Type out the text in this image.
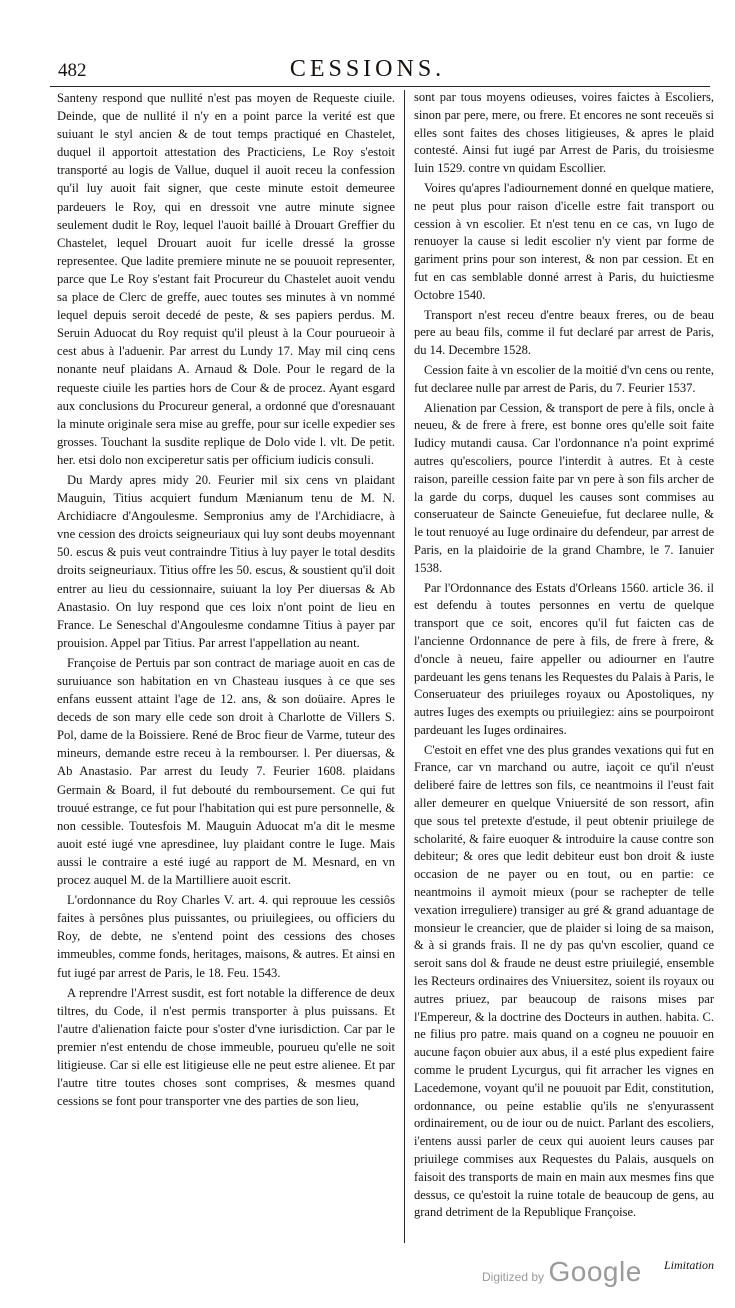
482	CESSIONS.

Santeny respond que nullité n'est pas moyen de Requeste ciuile. Deinde, que de nullité il n'y en a point parce la verité est que suiuant le styl ancien & de tout temps practiqué en Chastelet, duquel il apportoit attestation des Practiciens, Le Roy s'estoit transporté au logis de Vallue, duquel il auoit receu la confession qu'il luy auoit fait signer, que ceste minute estoit demeuree pardeuers le Roy, qui en dressoit vne autre minute signee seulement dudit le Roy, lequel l'auoit baillé à Drouart Greffier du Chastelet, lequel Drouart auoit fur icelle dressé la grosse representee. Que ladite premiere minute ne se pouuoit representer, parce que Le Roy s'estant fait Procureur du Chastelet auoit vendu sa place de Clerc de greffe, auec toutes ses minutes à vn nommé lequel depuis seroit decedé de peste, & ses papiers perdus. M. Seruin Aduocat du Roy requist qu'il pleust à la Cour pourueoir à cest abus à l'aduenir. Par arrest du Lundy 17. May mil cinq cens nonante neuf plaidans A. Arnaud & Dole. Pour le regard de la requeste ciuile les parties hors de Cour & de procez. Ayant esgard aux conclusions du Procureur general, a ordonné que d'oresnauant la minute originale sera mise au greffe, pour sur icelle expedier ses grosses. Touchant la susdite replique de Dolo vide l. vlt. De petit. her. etsi dolo non exciperetur satis per officium iudicis consuli.

Du Mardy apres midy 20. Feurier mil six cens vn plaidant Mauguin, Titius acquiert fundum Mænianum tenu de M. N. Archidiacre d'Angoulesme. Sempronius amy de l'Archidiacre, à vne cession des droicts seigneuriaux qui luy sont deubs moyennant 50. escus & puis veut contraindre Titius à luy payer le total desdits droits seigneuriaux. Titius offre les 50. escus, & soustient qu'il doit entrer au lieu du cessionnaire, suiuant la loy Per diuersas & Ab Anastasio. On luy respond que ces loix n'ont point de lieu en France. Le Seneschal d'Angoulesme condamne Titius à payer par prouision. Appel par Titius. Par arrest l'appellation au neant.

Françoise de Pertuis par son contract de mariage auoit en cas de suruiuance son habitation en vn Chasteau iusques à ce que ses enfans eussent attaint l'age de 12. ans, & son doüaire. Apres le deceds de son mary elle cede son droit à Charlotte de Villers S. Pol, dame de la Boissiere. René de Broc fieur de Varme, tuteur des mineurs, demande estre receu à la rembourser. l. Per diuersas, & Ab Anastasio. Par arrest du Ieudy 7. Feurier 1608. plaidans Germain & Board, il fut debouté du remboursement. Ce qui fut trouué estrange, ce fut pour l'habitation qui est pure personnelle, & non cessible. Toutesfois M. Mauguin Aduocat m'a dit le mesme auoit esté iugé vne apresdinee, luy plaidant contre le Iuge. Mais aussi le contraire a esté iugé au rapport de M. Mesnard, en vn procez auquel M. de la Martilliere auoit escrit.

L'ordonnance du Roy Charles V. art. 4. qui reprouue les cessiôs faites à persônes plus puissantes, ou priuilegiees, ou officiers du Roy, de debte, ne s'entend point des cessions des choses immeubles, comme fonds, heritages, maisons, & autres. Et ainsi en fut iugé par arrest de Paris, le 18. Feu. 1543.

A reprendre l'Arrest susdit, est fort notable la difference de deux tiltres, du Code, il n'est permis transporter à plus puissans. Et l'autre d'alienation faicte pour s'oster d'vne iurisdiction. Car par le premier n'est entendu de chose immeuble, pourueu qu'elle ne soit litigieuse. Car si elle est litigieuse elle ne peut estre alienee. Et par l'autre titre toutes choses sont comprises, & mesmes quand cessions se font pour transporter vne des parties de son lieu,

sont par tous moyens odieuses, voires faictes à Escoliers, sinon par pere, mere, ou frere. Et encores ne sont receuës si elles sont faites des choses litigieuses, & apres le plaid contesté. Ainsi fut iugé par Arrest de Paris, du troisiesme Iuin 1529. contre vn quidam Escollier.

Voires qu'apres l'adiournement donné en quelque matiere, ne peut plus pour raison d'icelle estre fait transport ou cession à vn escolier. Et n'est tenu en ce cas, vn Iugo de renuoyer la cause si ledit escolier n'y vient par forme de gariment prins pour son interest, & non par cession. Et en fut en cas semblable donné arrest à Paris, du huictiesme Octobre 1540.

Transport n'est receu d'entre beaux freres, ou de beau pere au beau fils, comme il fut declaré par arrest de Paris, du 14. Decembre 1528.

Cession faite à vn escolier de la moitié d'vn cens ou rente, fut declaree nulle par arrest de Paris, du 7. Feurier 1537.

Alienation par Cession, & transport de pere à fils, oncle à neueu, & de frere à frere, est bonne ores qu'elle soit faite Iudicy mutandi causa. Car l'ordonnance n'a point exprimé autres qu'escoliers, pource l'interdit à autres. Et à ceste raison, pareille cession faite par vn pere à son fils archer de la garde du corps, duquel les causes sont commises au conseruateur de Saincte Geneuiefue, fut declaree nulle, & le tout renuoyé au Iuge ordinaire du defendeur, par arrest de Paris, en la plaidoirie de la grand Chambre, le 7. Ianuier 1538.

Par l'Ordonnance des Estats d'Orleans 1560. article 36. il est defendu à toutes personnes en vertu de quelque transport que ce soit, encores qu'il fut faicten cas de l'ancienne Ordonnance de pere à fils, de frere à frere, & d'oncle à neueu, faire appeller ou adiourner en l'autre pardeuant les gens tenans les Requestes du Palais à Paris, le Conseruateur des priuileges royaux ou Apostoliques, ny autres Iuges des exempts ou priuilegiez: ains se pourpoiront pardeuant les Iuges ordinaires.

C'estoit en effet vne des plus grandes vexations qui fut en France, car vn marchand ou autre, iaçoit ce qu'il n'eust deliberé faire de lettres son fils, ce neantmoins il l'eust fait aller demeurer en quelque Vniuersité de son ressort, afin que sous tel pretexte d'estude, il peut obtenir priuilege de scholarité, & faire euoquer & introduire la cause contre son debiteur; & ores que ledit debiteur eust bon droit & iuste occasion de ne payer ou en tout, ou en partie: ce neantmoins il aymoit mieux (pour se rachepter de telle vexation irreguliere) transiger au gré & grand aduantage de monsieur le creancier, que de plaider si loing de sa maison, & à si grands frais. Il ne dy pas qu'vn escolier, quand ce seroit sans dol & fraude ne deust estre priuilegié, ensemble les Recteurs ordinaires des Vniuersitez, soient ils royaux ou autres priuez, par beaucoup de raisons mises par l'Empereur, & la doctrine des Docteurs in authen. habita. C. ne filius pro patre. mais quand on a cogneu ne pouuoir en aucune façon obuier aux abus, il a esté plus expedient faire comme le prudent Lycurgus, qui fit arracher les vignes en Lacedemone, voyant qu'il ne pouuoit par Edit, constitution, ordonnance, ou peine establie qu'ils ne s'enyurassent ordinairement, ou de iour ou de nuict. Parlant des escoliers, i'entens aussi parler de ceux qui auoient leurs causes par priuilege commises aux Requestes du Palais, ausquels on faisoit des transports de main en main aux mesmes fins que dessus, ce qu'estoit la ruine totale de beaucoup de gens, au grand detriment de la Republique Françoise.

Limitation
Digitized by Google
